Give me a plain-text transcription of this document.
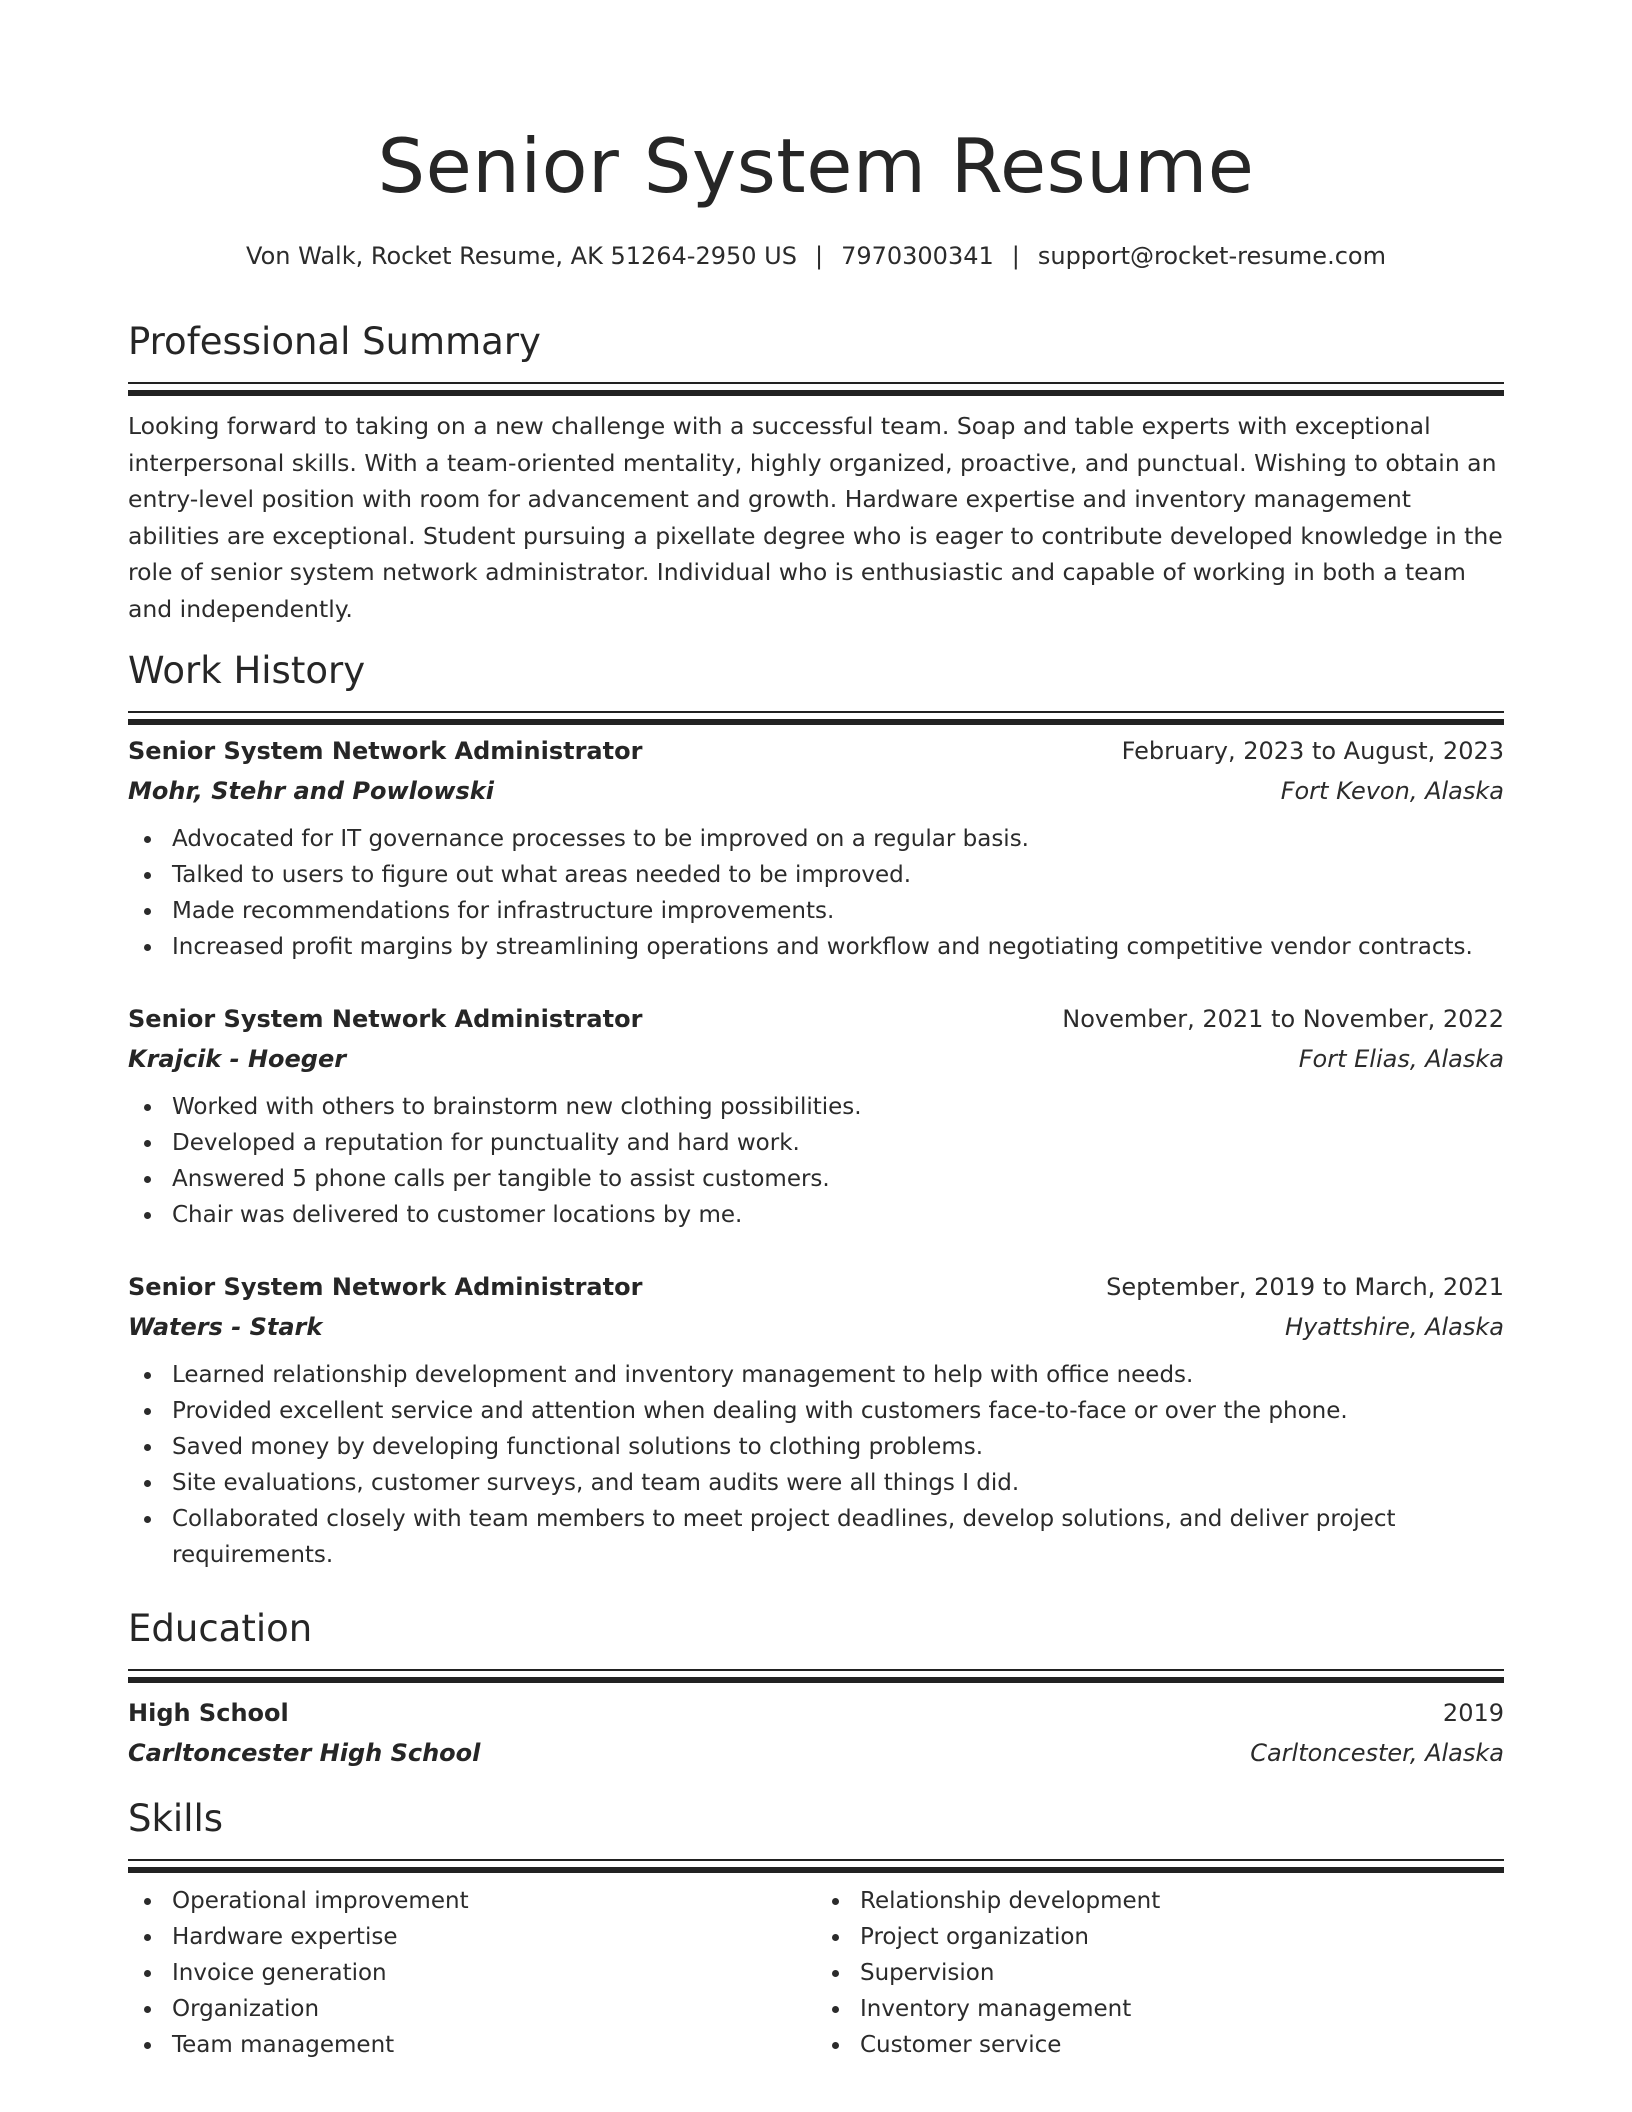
Senior System Resume
Von Walk, Rocket Resume, AK 51264-2950 US | 7970300341 | support@rocket-resume.com
Professional Summary

Looking forward to taking on a new challenge with a successful team. Soap and table experts with exceptional interpersonal skills. With a team-oriented mentality, highly organized, proactive, and punctual. Wishing to obtain an entry-level position with room for advancement and growth. Hardware expertise and inventory management abilities are exceptional. Student pursuing a pixellate degree who is eager to contribute developed knowledge in the role of senior system network administrator. Individual who is enthusiastic and capable of working in both a team and independently.

Work History
Senior System Network Administrator	February, 2023 to August, 2023
Mohr, Stehr and Powlowski	Fort Kevon, Alaska
Advocated for IT governance processes to be improved on a regular basis.
Talked to users to figure out what areas needed to be improved.
Made recommendations for infrastructure improvements.
Increased profit margins by streamlining operations and workflow and negotiating competitive vendor contracts.
Senior System Network Administrator	November, 2021 to November, 2022
Krajcik - Hoeger	Fort Elias, Alaska
Worked with others to brainstorm new clothing possibilities.
Developed a reputation for punctuality and hard work.
Answered 5 phone calls per tangible to assist customers.
Chair was delivered to customer locations by me.
Senior System Network Administrator	September, 2019 to March, 2021
Waters - Stark	Hyattshire, Alaska
Learned relationship development and inventory management to help with office needs.
Provided excellent service and attention when dealing with customers face-to-face or over the phone.
Saved money by developing functional solutions to clothing problems.
Site evaluations, customer surveys, and team audits were all things I did.
Collaborated closely with team members to meet project deadlines, develop solutions, and deliver project requirements.
Education
High School	2019
Carltoncester High School	Carltoncester, Alaska
Skills
Operational improvement
Hardware expertise
Invoice generation
Organization
Team management
Relationship development
Project organization
Supervision
Inventory management
Customer service
